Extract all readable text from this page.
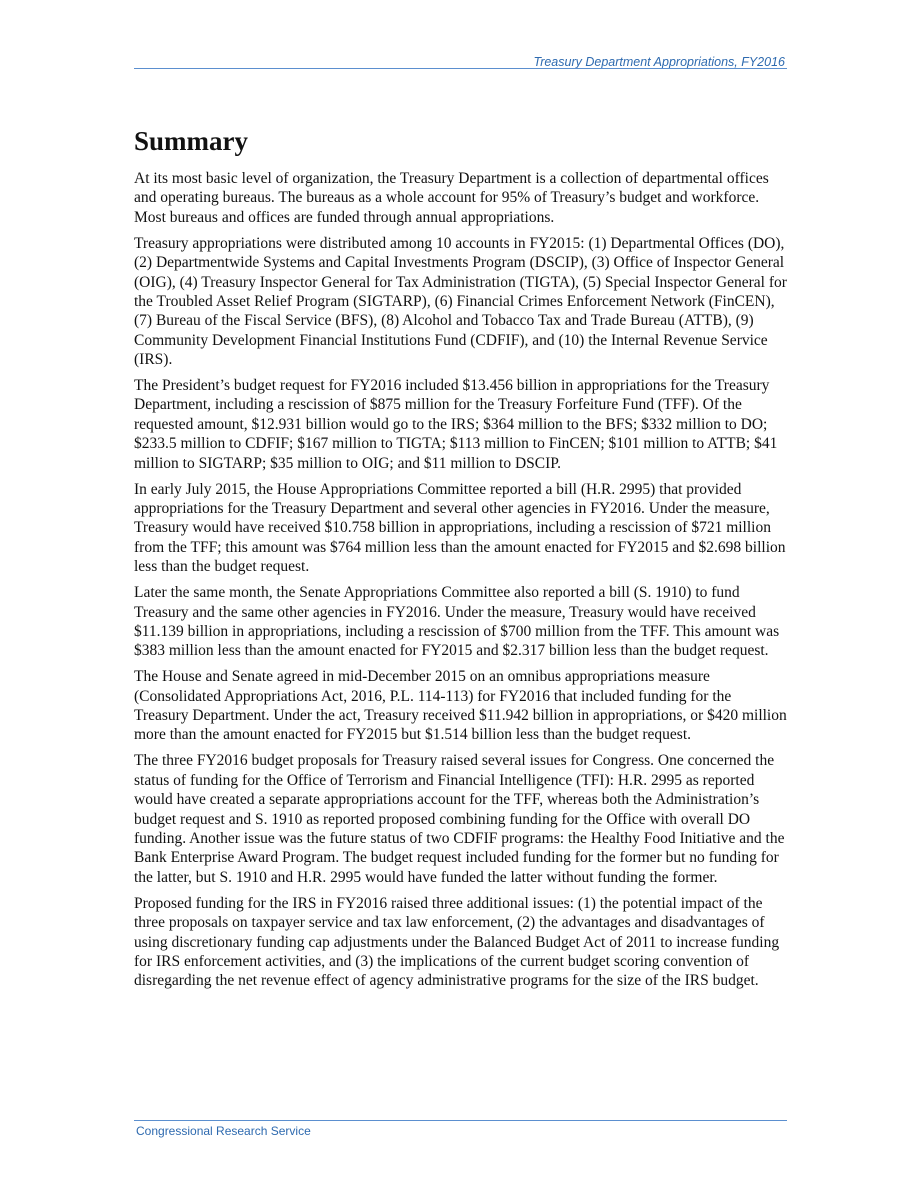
Treasury Department Appropriations, FY2016
Summary

At its most basic level of organization, the Treasury Department is a collection of departmental offices and operating bureaus. The bureaus as a whole account for 95% of Treasury’s budget and workforce. Most bureaus and offices are funded through annual appropriations.

Treasury appropriations were distributed among 10 accounts in FY2015: (1) Departmental Offices (DO), (2) Departmentwide Systems and Capital Investments Program (DSCIP), (3) Office of Inspector General (OIG), (4) Treasury Inspector General for Tax Administration (TIGTA), (5) Special Inspector General for the Troubled Asset Relief Program (SIGTARP), (6) Financial Crimes Enforcement Network (FinCEN), (7) Bureau of the Fiscal Service (BFS), (8) Alcohol and Tobacco Tax and Trade Bureau (ATTB), (9) Community Development Financial Institutions Fund (CDFIF), and (10) the Internal Revenue Service (IRS).

The President’s budget request for FY2016 included $13.456 billion in appropriations for the Treasury Department, including a rescission of $875 million for the Treasury Forfeiture Fund (TFF). Of the requested amount, $12.931 billion would go to the IRS; $364 million to the BFS; $332 million to DO; $233.5 million to CDFIF; $167 million to TIGTA; $113 million to FinCEN; $101 million to ATTB; $41 million to SIGTARP; $35 million to OIG; and $11 million to DSCIP.

In early July 2015, the House Appropriations Committee reported a bill (H.R. 2995) that provided appropriations for the Treasury Department and several other agencies in FY2016. Under the measure, Treasury would have received $10.758 billion in appropriations, including a rescission of $721 million from the TFF; this amount was $764 million less than the amount enacted for FY2015 and $2.698 billion less than the budget request.

Later the same month, the Senate Appropriations Committee also reported a bill (S. 1910) to fund Treasury and the same other agencies in FY2016. Under the measure, Treasury would have received $11.139 billion in appropriations, including a rescission of $700 million from the TFF. This amount was $383 million less than the amount enacted for FY2015 and $2.317 billion less than the budget request.

The House and Senate agreed in mid-December 2015 on an omnibus appropriations measure (Consolidated Appropriations Act, 2016, P.L. 114-113) for FY2016 that included funding for the Treasury Department. Under the act, Treasury received $11.942 billion in appropriations, or $420 million more than the amount enacted for FY2015 but $1.514 billion less than the budget request.

The three FY2016 budget proposals for Treasury raised several issues for Congress. One concerned the status of funding for the Office of Terrorism and Financial Intelligence (TFI): H.R. 2995 as reported would have created a separate appropriations account for the TFF, whereas both the Administration’s budget request and S. 1910 as reported proposed combining funding for the Office with overall DO funding. Another issue was the future status of two CDFIF programs: the Healthy Food Initiative and the Bank Enterprise Award Program. The budget request included funding for the former but no funding for the latter, but S. 1910 and H.R. 2995 would have funded the latter without funding the former.

Proposed funding for the IRS in FY2016 raised three additional issues: (1) the potential impact of the three proposals on taxpayer service and tax law enforcement, (2) the advantages and disadvantages of using discretionary funding cap adjustments under the Balanced Budget Act of 2011 to increase funding for IRS enforcement activities, and (3) the implications of the current budget scoring convention of disregarding the net revenue effect of agency administrative programs for the size of the IRS budget.

Congressional Research Service
